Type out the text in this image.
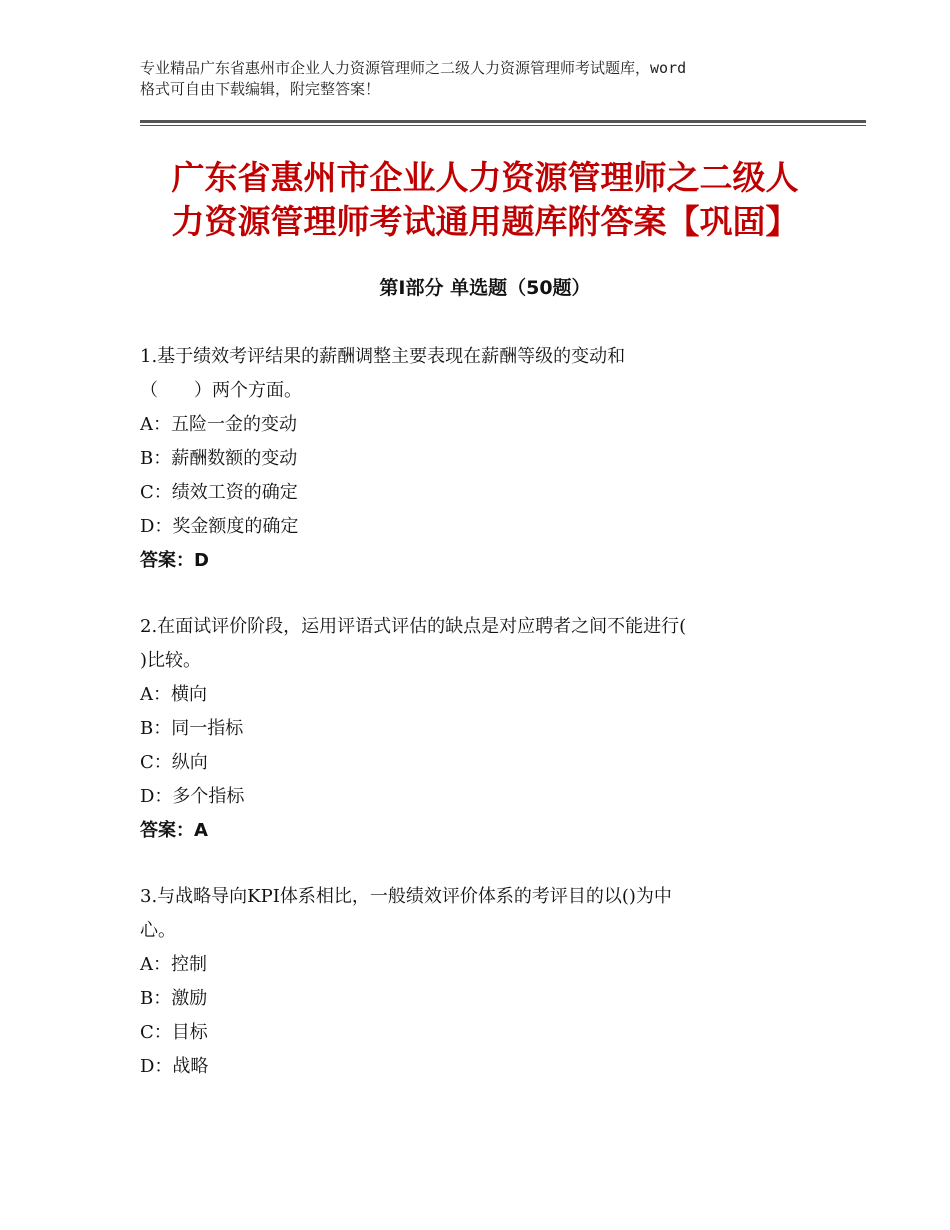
专业精品广东省惠州市企业人力资源管理师之二级人力资源管理师考试题库，word
格式可自由下载编辑，附完整答案！
广东省惠州市企业人力资源管理师之二级人
力资源管理师考试通用题库附答案【巩固】
第Ⅰ部分 单选题（50题）

1.基于绩效考评结果的薪酬调整主要表现在薪酬等级的变动和

（　　）两个方面。

A：五险一金的变动

B：薪酬数额的变动

C：绩效工资的确定

D：奖金额度的确定

答案：D

2.在面试评价阶段，运用评语式评估的缺点是对应聘者之间不能进行(

)比较。

A：横向

B：同一指标

C：纵向

D：多个指标

答案：A

3.与战略导向KPI体系相比，一般绩效评价体系的考评目的以()为中

心。

A：控制

B：激励

C：目标

D：战略
